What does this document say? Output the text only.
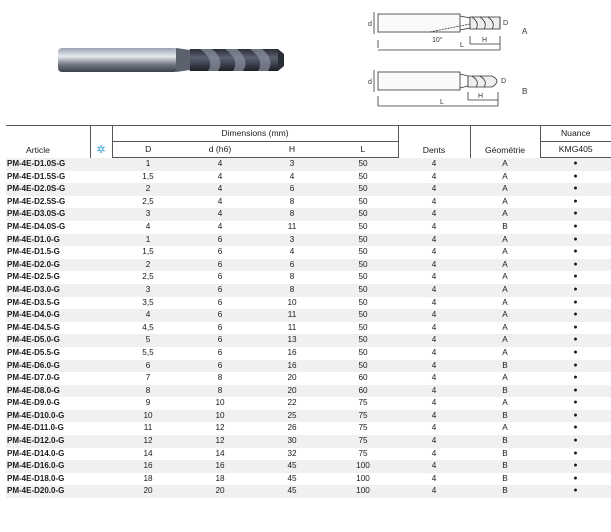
d	D
10°
L
H
A
d	D
L
H
B
Article	✲	Dimensions (mm)				Dents	Géométrie	Nuance
		D	d (h6)	H	L			KMG405
PM-4E-D1.0S-G		1	4	3	50	4	A	●
PM-4E-D1.5S-G		1,5	4	4	50	4	A	●
PM-4E-D2.0S-G		2	4	6	50	4	A	●
PM-4E-D2.5S-G		2,5	4	8	50	4	A	●
PM-4E-D3.0S-G		3	4	8	50	4	A	●
PM-4E-D4.0S-G		4	4	11	50	4	B	●
PM-4E-D1.0-G		1	6	3	50	4	A	●
PM-4E-D1.5-G		1,5	6	4	50	4	A	●
PM-4E-D2.0-G		2	6	6	50	4	A	●
PM-4E-D2.5-G		2,5	6	8	50	4	A	●
PM-4E-D3.0-G		3	6	8	50	4	A	●
PM-4E-D3.5-G		3,5	6	10	50	4	A	●
PM-4E-D4.0-G		4	6	11	50	4	A	●
PM-4E-D4.5-G		4,5	6	11	50	4	A	●
PM-4E-D5.0-G		5	6	13	50	4	A	●
PM-4E-D5.5-G		5,5	6	16	50	4	A	●
PM-4E-D6.0-G		6	6	16	50	4	B	●
PM-4E-D7.0-G		7	8	20	60	4	A	●
PM-4E-D8.0-G		8	8	20	60	4	B	●
PM-4E-D9.0-G		9	10	22	75	4	A	●
PM-4E-D10.0-G		10	10	25	75	4	B	●
PM-4E-D11.0-G		11	12	26	75	4	A	●
PM-4E-D12.0-G		12	12	30	75	4	B	●
PM-4E-D14.0-G		14	14	32	75	4	B	●
PM-4E-D16.0-G		16	16	45	100	4	B	●
PM-4E-D18.0-G		18	18	45	100	4	B	●
PM-4E-D20.0-G		20	20	45	100	4	B	●
